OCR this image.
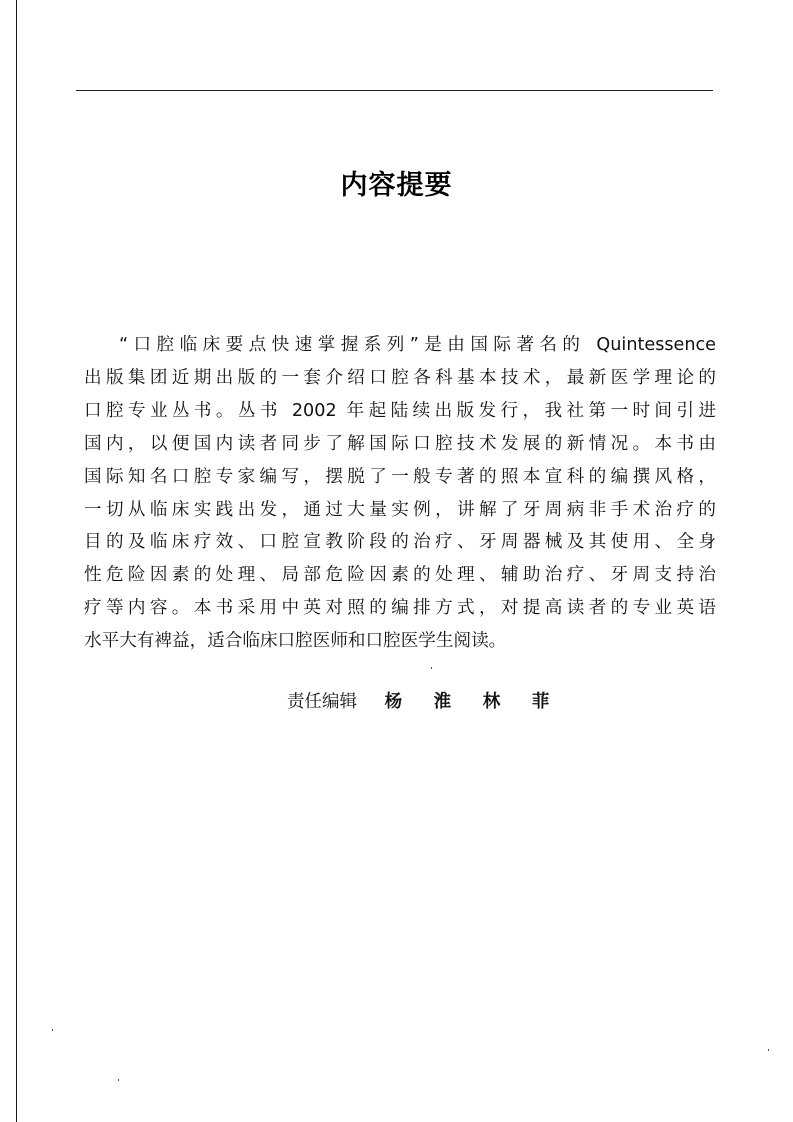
内容提要
“口腔临床要点快速掌握系列”是由国际著名的 Quintessence
出版集团近期出版的一套介绍口腔各科基本技术，最新医学理论的
口腔专业丛书。丛书 2002 年起陆续出版发行，我社第一时间引进
国内，以便国内读者同步了解国际口腔技术发展的新情况。本书由
国际知名口腔专家编写，摆脱了一般专著的照本宣科的编撰风格，
一切从临床实践出发，通过大量实例，讲解了牙周病非手术治疗的
目的及临床疗效、口腔宣教阶段的治疗、牙周器械及其使用、全身
性危险因素的处理、局部危险因素的处理、辅助治疗、牙周支持治
疗等内容。本书采用中英对照的编排方式，对提高读者的专业英语
水平大有裨益，适合临床口腔医师和口腔医学生阅读。
责任编辑 杨 淮 林 菲
